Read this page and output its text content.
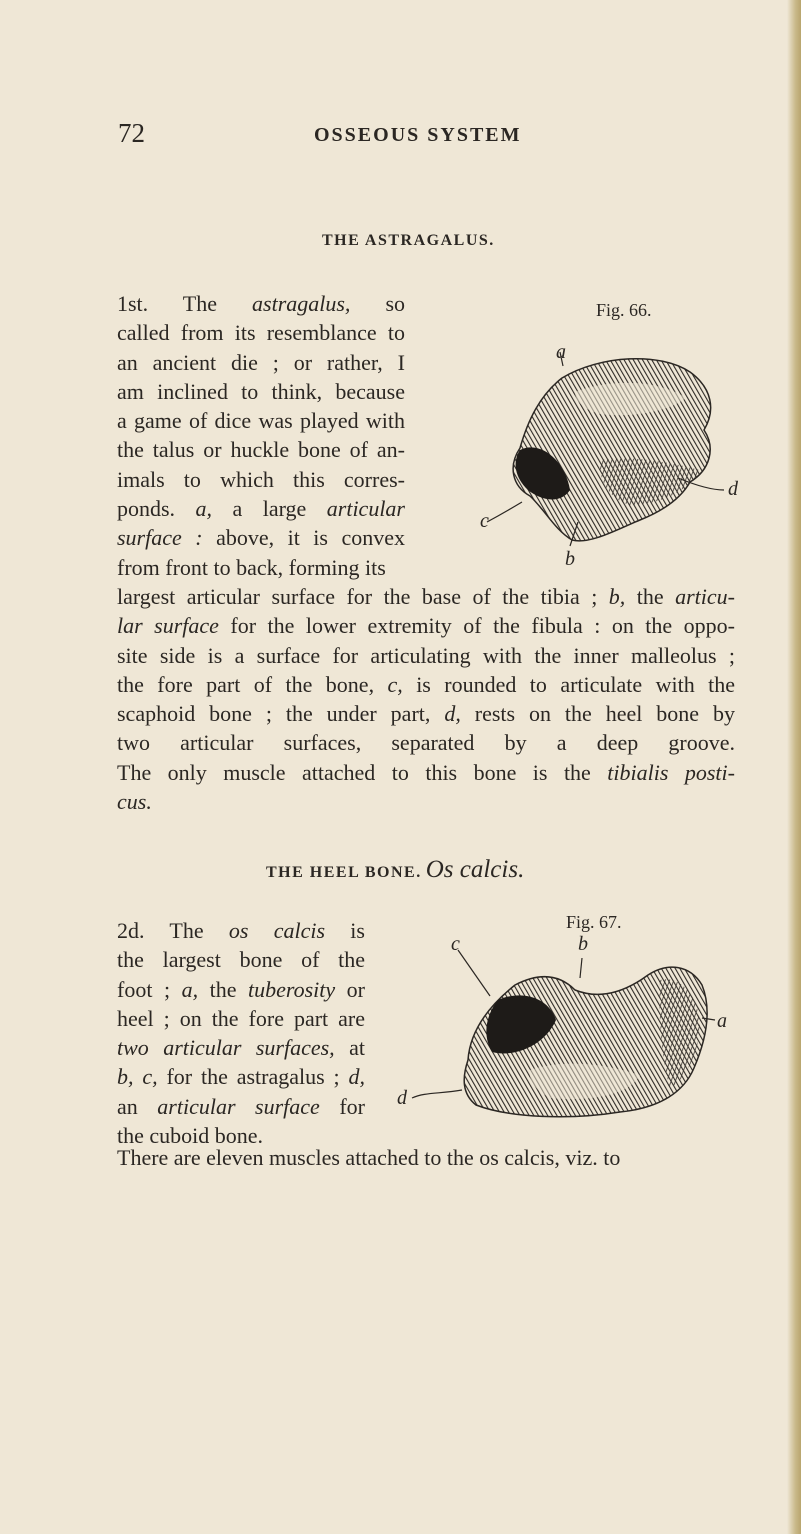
72	OSSEOUS SYSTEM
THE ASTRAGALUS.
1st. The astragalus, so
called from its resemblance to
an ancient die ; or rather, I
am inclined to think, because
a game of dice was played with
the talus or huckle bone of an-
imals to which this corres-
ponds. a, a large articular
surface : above, it is convex
from front to back, forming its
largest articular surface for the base of the tibia ; b, the articu-
lar surface for the lower extremity of the fibula : on the oppo-
site side is a surface for articulating with the inner malleolus ;
the fore part of the bone, c, is rounded to articulate with the
scaphoid bone ; the under part, d, rests on the heel bone by
two articular surfaces, separated by a deep groove.
The only muscle attached to this bone is the tibialis posti-
cus.
Fig. 66.
a
d
c
b
THE HEEL BONE. Os calcis.
2d. The os calcis is
the largest bone of the
foot ; a, the tuberosity or
heel ; on the fore part are
two articular surfaces, at
b, c, for the astragalus ; d,
an articular surface for
the cuboid bone.
There are eleven muscles attached to the os calcis, viz. to
Fig. 67.
c	b
a
d
